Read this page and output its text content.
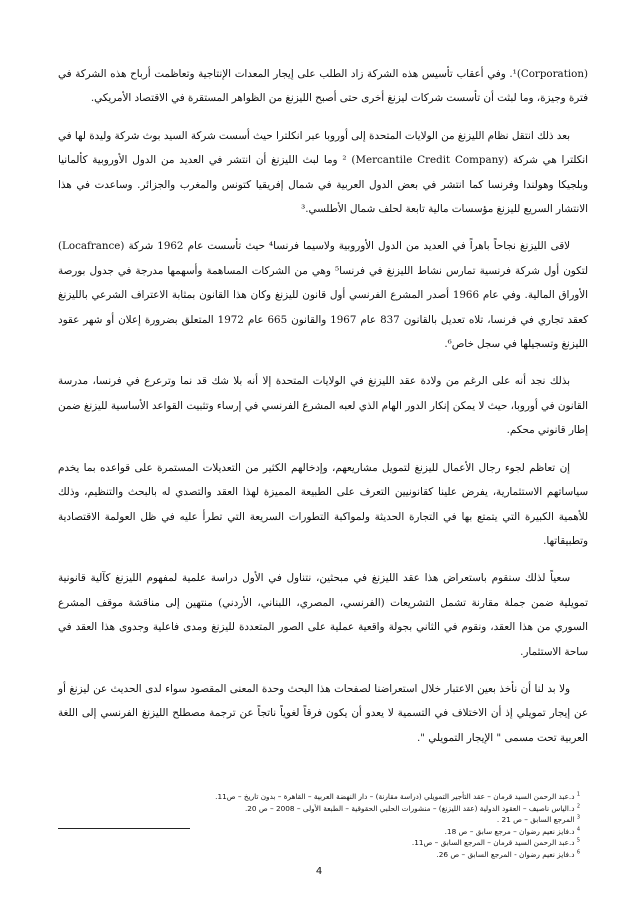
(Corporation)¹. وفي أعقاب تأسيس هذه الشركة زاد الطلب على إيجار المعدات الإنتاجية وتعاظمت أرباح هذه الشركة في فترة وجيزة، وما لبثت أن تأسست شركات ليزنغ أخرى حتى أصبح الليزنغ من الظواهر المستقرة في الاقتصاد الأمريكي.

بعد ذلك انتقل نظام الليزنغ من الولايات المتحدة إلى أوروبا عبر انكلترا حيث أسست شركة السيد بوث شركة وليدة لها في انكلترا هي شركة (Mercantile Credit Company) ² وما لبث الليزنغ أن انتشر في العديد من الدول الأوروبية كألمانيا وبلجيكا وهولندا وفرنسا كما انتشر في بعض الدول العربية في شمال إفريقيا كتونس والمغرب والجزائر. وساعدت في هذا الانتشار السريع لليزنغ مؤسسات مالية تابعة لحلف شمال الأطلسي.³

لاقى الليزنغ نجاحاً باهراً في العديد من الدول الأوروبية ولاسيما فرنسا⁴ حيث تأسست عام 1962 شركة (Locafrance) لتكون أول شركة فرنسية تمارس نشاط الليزنغ في فرنسا⁵ وهي من الشركات المساهمة وأسهمها مدرجة في جدول بورصة الأوراق المالية. وفي عام 1966 أصدر المشرع الفرنسي أول قانون لليزنغ وكان هذا القانون بمثابة الاعتراف الشرعي بالليزنغ كعقد تجاري في فرنسا، تلاه تعديل بالقانون 837 عام 1967 والقانون 665 عام 1972 المتعلق بضرورة إعلان أو شهر عقود الليزنغ وتسجيلها في سجل خاص⁶.

بذلك نجد أنه على الرغم من ولادة عقد الليزنغ في الولايات المتحدة إلا أنه بلا شك قد نما وترعرع في فرنسا، مدرسة القانون في أوروبا، حيث لا يمكن إنكار الدور الهام الذي لعبه المشرع الفرنسي في إرساء وتثبيت القواعد الأساسية لليزنغ ضمن إطار قانوني محكم.

إن تعاظم لجوء رجال الأعمال لليزنغ لتمويل مشاريعهم، وإدخالهم الكثير من التعديلات المستمرة على قواعده بما يخدم سياساتهم الاستثمارية، يفرض علينا كقانونيين التعرف على الطبيعة المميزة لهذا العقد والتصدي له بالبحث والتنظيم، وذلك للأهمية الكبيرة التي يتمتع بها في التجارة الحديثة ولمواكبة التطورات السريعة التي تطرأ عليه في ظل العولمة الاقتصادية وتطبيقاتها.

سعياً لذلك سنقوم باستعراض هذا عقد الليزنغ في مبحثين، نتناول في الأول دراسة علمية لمفهوم الليزنغ كآلية قانونية تمويلية ضمن جملة مقارنة تشمل التشريعات (الفرنسي، المصري، اللبناني، الأردني) منتهين إلى مناقشة موقف المشرع السوري من هذا العقد، ونقوم في الثاني بجولة واقعية عملية على الصور المتعددة لليزنغ ومدى فاعلية وجدوى هذا العقد في ساحة الاستثمار.

ولا بد لنا أن نأخذ بعين الاعتبار خلال استعراضنا لصفحات هذا البحث وحدة المعنى المقصود سواء لدى الحديث عن ليزنغ أو عن إيجار تمويلي إذ أن الاختلاف في التسمية لا يعدو أن يكون فرقاً لغوياً ناتجاً عن ترجمة مصطلح الليزنغ الفرنسي إلى اللغة العربية تحت مسمى " الإيجار التمويلي ".

$^1$ د.عبد الرحمن السيد قرمان – عقد التأجير التمويلي (دراسة مقارنة) – دار النهضة العربية – القاهرة – بدون تاريخ – ص11.

$^2$ د.الياس ناصيف – العقود الدولية (عقد الليزنغ) – منشورات الحلبي الحقوقية – الطبعة الأولى – 2008 – ص 20.

$^3$ المرجع السابق – ص 21 .

$^4$ د.فايز نعيم رضوان – مرجع سابق – ص 18.

$^5$ د.عبد الرحمن السيد قرمان – المرجع السابق – ص11.

$^6$ د.فايز نعيم رضوان - المرجع السابق – ص 26.

4
